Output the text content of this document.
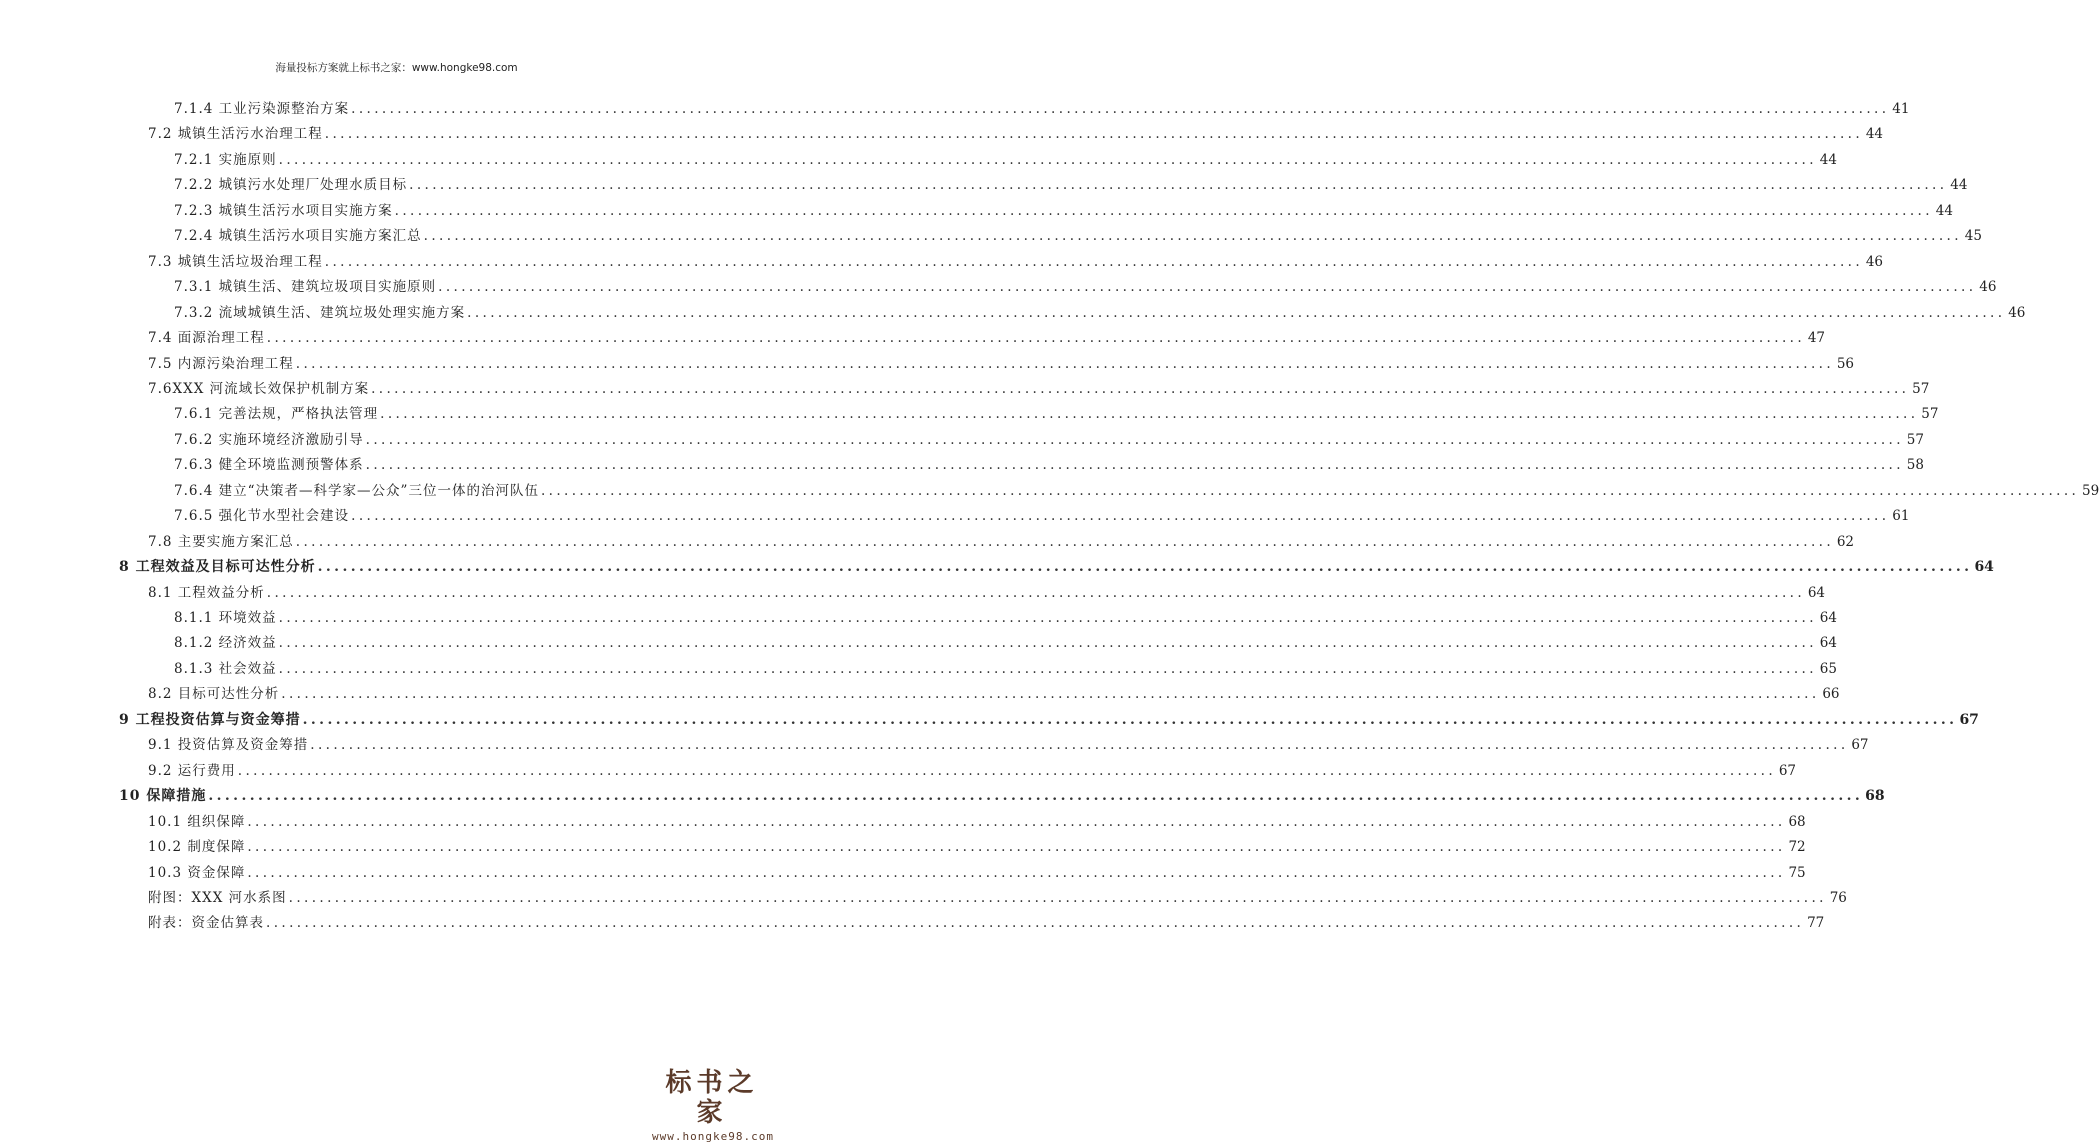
海量投标方案就上标书之家：www.hongke98.com
7.1.4 工业污染源整治方案 ........................................................................................................................................................................................................ 41
7.2 城镇生活污水治理工程 ........................................................................................................................................................................................................ 44
7.2.1 实施原则 ........................................................................................................................................................................................................ 44
7.2.2 城镇污水处理厂处理水质目标 ........................................................................................................................................................................................................ 44
7.2.3 城镇生活污水项目实施方案 ........................................................................................................................................................................................................ 44
7.2.4 城镇生活污水项目实施方案汇总 ........................................................................................................................................................................................................ 45
7.3 城镇生活垃圾治理工程 ........................................................................................................................................................................................................ 46
7.3.1 城镇生活、建筑垃圾项目实施原则 ........................................................................................................................................................................................................ 46
7.3.2 流域城镇生活、建筑垃圾处理实施方案 ........................................................................................................................................................................................................ 46
7.4 面源治理工程 ........................................................................................................................................................................................................ 47
7.5 内源污染治理工程 ........................................................................................................................................................................................................ 56
7.6XXX 河流域长效保护机制方案 ........................................................................................................................................................................................................ 57
7.6.1 完善法规，严格执法管理 ........................................................................................................................................................................................................ 57
7.6.2 实施环境经济激励引导 ........................................................................................................................................................................................................ 57
7.6.3 健全环境监测预警体系 ........................................................................................................................................................................................................ 58
7.6.4 建立“决策者—科学家—公众”三位一体的治河队伍 ........................................................................................................................................................................................................ 59
7.6.5 强化节水型社会建设 ........................................................................................................................................................................................................ 61
7.8 主要实施方案汇总 ........................................................................................................................................................................................................ 62
8 工程效益及目标可达性分析 ........................................................................................................................................................................................................ 64
8.1 工程效益分析 ........................................................................................................................................................................................................ 64
8.1.1 环境效益 ........................................................................................................................................................................................................ 64
8.1.2 经济效益 ........................................................................................................................................................................................................ 64
8.1.3 社会效益 ........................................................................................................................................................................................................ 65
8.2 目标可达性分析 ........................................................................................................................................................................................................ 66
9 工程投资估算与资金筹措 ........................................................................................................................................................................................................ 67
9.1 投资估算及资金筹措 ........................................................................................................................................................................................................ 67
9.2 运行费用 ........................................................................................................................................................................................................ 67
10 保障措施 ........................................................................................................................................................................................................ 68
10.1 组织保障 ........................................................................................................................................................................................................ 68
10.2 制度保障 ........................................................................................................................................................................................................ 72
10.3 资金保障 ........................................................................................................................................................................................................ 75
附图：XXX 河水系图 ........................................................................................................................................................................................................ 76
附表：资金估算表 ........................................................................................................................................................................................................ 77
标书之家
www.hongke98.com
